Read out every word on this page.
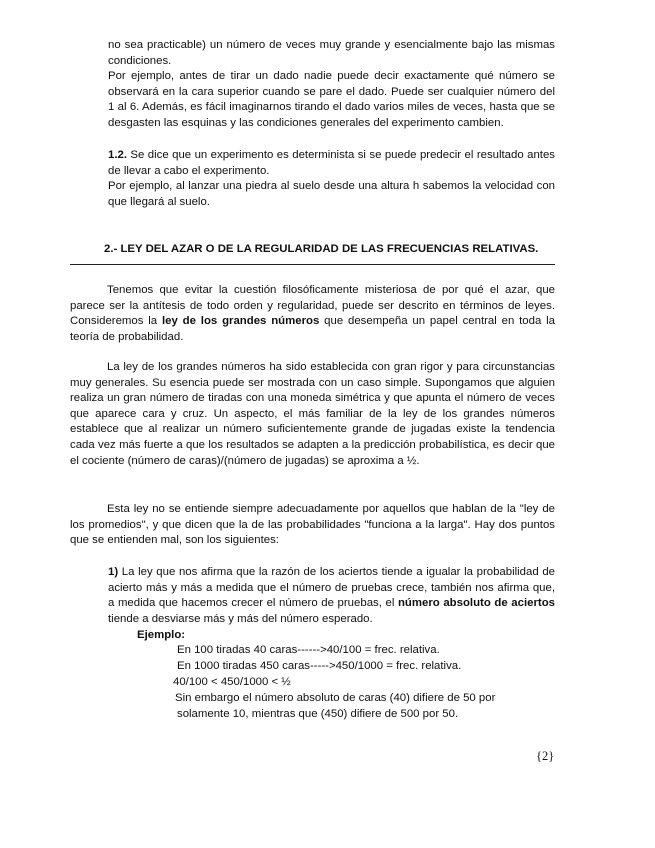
no sea practicable) un número de veces muy grande y esencialmente bajo las mismas condiciones.

Por ejemplo, antes de tirar un dado nadie puede decir exactamente qué número se observará en la cara superior cuando se pare el dado. Puede ser cualquier número del 1 al 6. Además, es fácil imaginarnos tirando el dado varios miles de veces, hasta que se desgasten las esquinas y las condiciones generales del experimento cambien.

1.2. Se dice que un experimento es determinista si se puede predecir el resultado antes de llevar a cabo el experimento.

Por ejemplo, al lanzar una piedra al suelo desde una altura h sabemos la velocidad con que llegará al suelo.

2.- LEY DEL AZAR O DE LA REGULARIDAD DE LAS FRECUENCIAS RELATIVAS.

Tenemos que evitar la cuestión filosóficamente misteriosa de por qué el azar, que parece ser la antítesis de todo orden y regularidad, puede ser descrito en términos de leyes. Consideremos la ley de los grandes números que desempeña un papel central en toda la teoría de probabilidad.

La ley de los grandes números ha sido establecida con gran rigor y para circunstancias muy generales. Su esencia puede ser mostrada con un caso simple. Supongamos que alguien realiza un gran número de tiradas con una moneda simétrica y que apunta el número de veces que aparece cara y cruz. Un aspecto, el más familiar de la ley de los grandes números establece que al realizar un número suficientemente grande de jugadas existe la tendencia cada vez más fuerte a que los resultados se adapten a la predicción probabilística, es decir que el cociente (número de caras)/(número de jugadas) se aproxima a ½.

Esta ley no se entiende siempre adecuadamente por aquellos que hablan de la "ley de los promedios", y que dicen que la de las probabilidades "funciona a la larga". Hay dos puntos que se entienden mal, son los siguientes:

1) La ley que nos afirma que la razón de los aciertos tiende a igualar la probabilidad de acierto más y más a medida que el número de pruebas crece, también nos afirma que, a medida que hacemos crecer el número de pruebas, el número absoluto de aciertos tiende a desviarse más y más del número esperado.

Ejemplo:
En 100 tiradas 40 caras------>40/100 = frec. relativa.
En 1000 tiradas 450 caras----->450/1000 = frec. relativa.
40/100 < 450/1000 < ½
Sin embargo el número absoluto de caras (40) difiere de 50 por
solamente 10, mientras que (450) difiere de 500 por 50.
{2}
